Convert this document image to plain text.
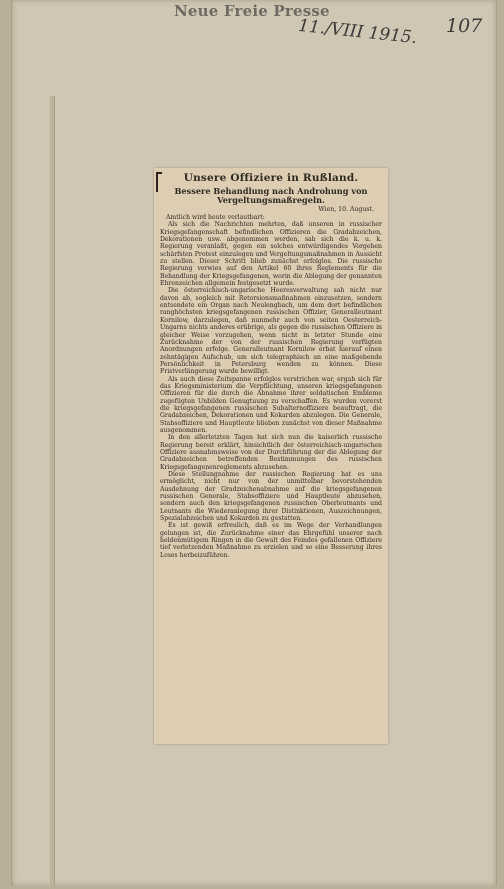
Neue Freie Presse
11./VIII 1915. 107
Unsere Offiziere in Rußland.
Bessere Behandlung nach Androhung von Vergeltungsmaßregeln.
Wien, 10. August.

Amtlich wird heute verlautbart:

Als sich die Nachrichten mehrten, daß unseren in russischer Kriegsgefangenschaft befindlichen Offizieren die Gradabzeichen, Dekorationen usw. abgenommen werden, sah sich die k. u. k. Regierung veranlaßt, gegen ein solches entwürdigendes Vorgehen schärfsten Protest einzulegen und Vergeltungsmaßnahmen in Aussicht zu stellen. Dieser Schritt blieb zunächst erfolglos. Die russische Regierung verwies auf den Artikel 60 ihres Reglements für die Behandlung der Kriegsgefangenen, worin die Ablegung der genannten Ehrenzeichen allgemein festgesetzt wurde.

Die österreichisch-ungarische Heeresverwaltung sah nicht nur davon ab, sogleich mit Retorsionsmaßnahmen einzusetzen, sondern entsendete ein Organ nach Neulengbach, um dem dort befindlichen ranghöchsten kriegsgefangenen russischen Offizier, Generalleutnant Kornilow, darzulegen, daß nunmehr auch von seiten Oesterreich-Ungarns nichts anderes erübrige, als gegen die russischen Offiziere in gleicher Weise vorzugehen, wenn nicht in letzter Stunde eine Zurücknahme der von der russischen Regierung verfügten Anordnungen erfolge. Generalleutnant Kornilow erbat hierauf einen zehntägigen Aufschub, um sich telegraphisch an eine maßgebende Persönlichkeit in Petersburg wenden zu können. Diese Fristverlängerung wurde bewilligt.

Als auch diese Zeitspanne erfolglos verstrichen war, ergab sich für das Kriegsministerium die Verpflichtung, unseren kriegsgefangenen Offizieren für die durch die Abnahme ihrer soldatischen Embleme zugefügten Unbilden Genugtuung zu verschaffen. Es wurden vorerst die kriegsgefangenen russischen Subalternoffiziere beauftragt, die Gradabzeichen, Dekorationen und Kokarden abzulegen. Die Generale, Stabsoffiziere und Hauptleute blieben zunächst von dieser Maßnahme ausgenommen.

In den allerletzten Tagen hat sich nun die kaiserlich russische Regierung bereit erklärt, hinsichtlich der österreichisch-ungarischen Offiziere ausnahmsweise von der Durchführung der die Ablegung der Gradabzeichen betreffenden Bestimmungen des russischen Kriegsgefangenenreglements abzusehen.

Diese Stellungnahme der russischen Regierung hat es uns ermöglicht, nicht nur von der unmittelbar bevorstehenden Ausdehnung der Gradzeichenabnahme auf die kriegsgefangenen russischen Generale, Stabsoffiziere und Hauptleute abzusehen, sondern auch den kriegsgefangenen russischen Oberleutnants und Leutnants die Wiederanlegung ihrer Distinktionen, Auszeichnungen, Spezialabzeichen und Kokarden zu gestatten.

Es ist gewiß erfreulich, daß es im Wege der Verhandlungen gelungen ist, die Zurücknahme einer das Ehrgefühl unserer nach heldenmütigem Ringen in die Gewalt des Feindes gefallenen Offiziere tief verletzenden Maßnahme zu erzielen und so eine Besserung ihres Loses herbeizuführen.
